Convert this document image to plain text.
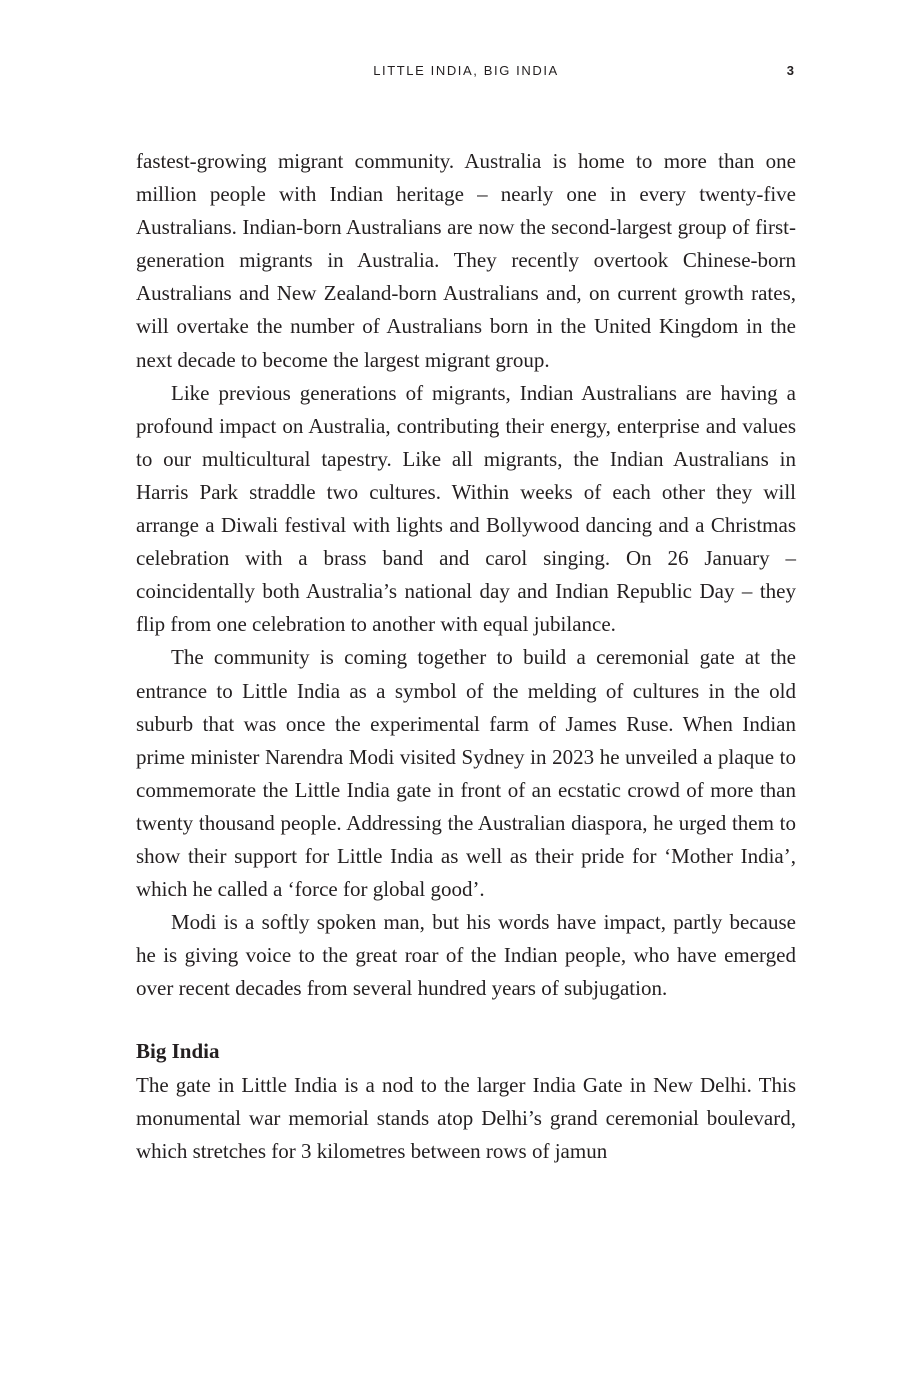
LITTLE INDIA, BIG INDIA	3

fastest-growing migrant community. Australia is home to more than one million people with Indian heritage – nearly one in every twenty-five Australians. Indian-born Australians are now the second-largest group of first-generation migrants in Australia. They recently overtook Chinese-born Australians and New Zealand-born Australians and, on current growth rates, will overtake the number of Australians born in the United Kingdom in the next decade to become the largest migrant group.

Like previous generations of migrants, Indian Australians are having a profound impact on Australia, contributing their energy, enterprise and values to our multicultural tapestry. Like all migrants, the Indian Australians in Harris Park straddle two cultures. Within weeks of each other they will arrange a Diwali festival with lights and Bollywood dancing and a Christmas celebration with a brass band and carol singing. On 26 January – coincidentally both Australia’s national day and Indian Republic Day – they flip from one celebration to another with equal jubilance.

The community is coming together to build a ceremonial gate at the entrance to Little India as a symbol of the melding of cultures in the old suburb that was once the experimental farm of James Ruse. When Indian prime minister Narendra Modi visited Sydney in 2023 he unveiled a plaque to commemorate the Little India gate in front of an ecstatic crowd of more than twenty thousand people. Addressing the Australian diaspora, he urged them to show their support for Little India as well as their pride for ‘Mother India’, which he called a ‘force for global good’.

Modi is a softly spoken man, but his words have impact, partly because he is giving voice to the great roar of the Indian people, who have emerged over recent decades from several hundred years of subjugation.

Big India

The gate in Little India is a nod to the larger India Gate in New Delhi. This monumental war memorial stands atop Delhi’s grand ceremonial boulevard, which stretches for 3 kilometres between rows of jamun
